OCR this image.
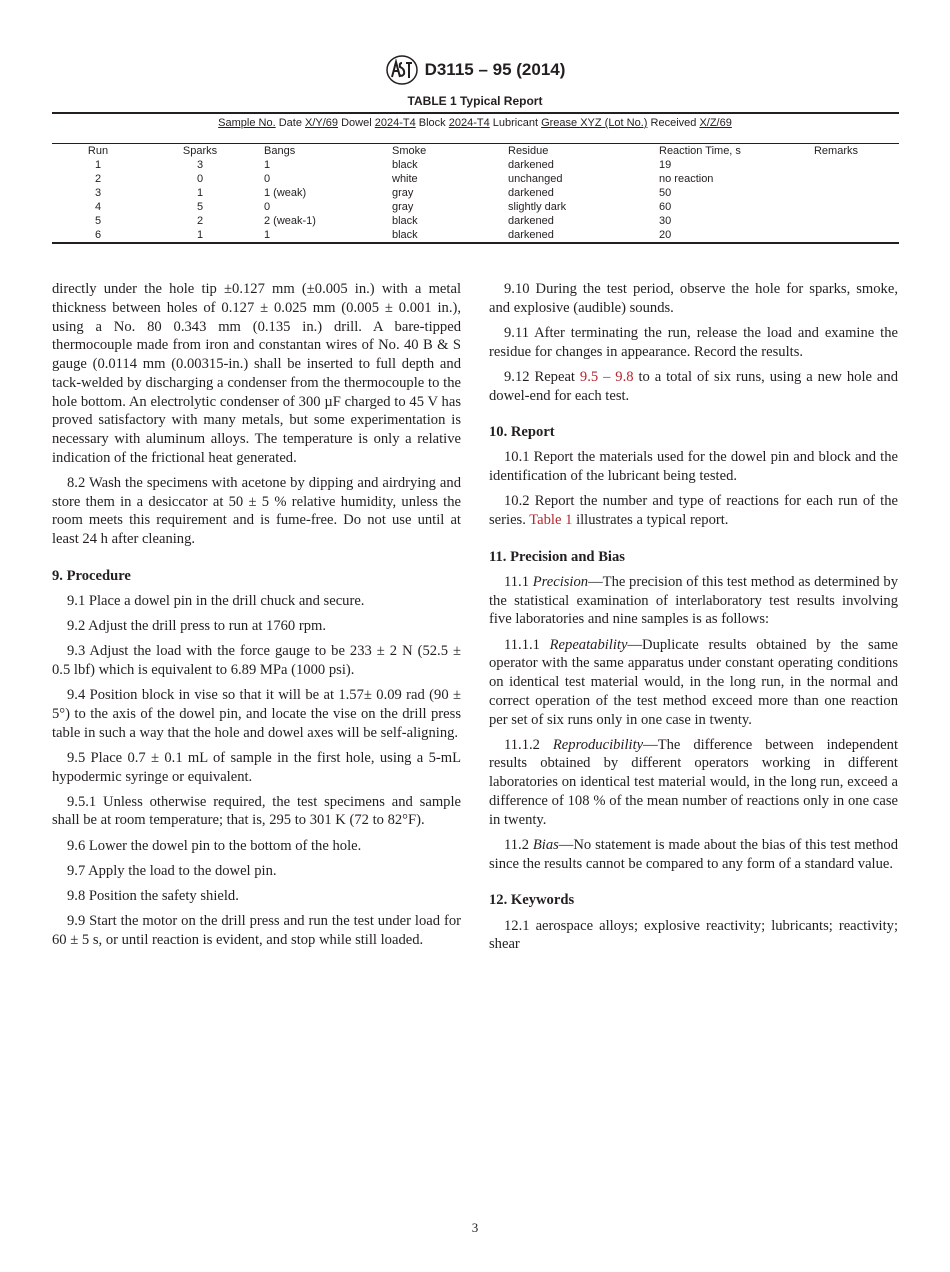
D3115 – 95 (2014)
TABLE 1 Typical Report
Sample No. Date X/Y/69 Dowel 2024-T4 Block 2024-T4 Lubricant Grease XYZ (Lot No.) Received X/Z/69
Run	Sparks	Bangs	Smoke	Residue	Reaction Time, s	Remarks
1	3	1	black	darkened	19
2	0	0	white	unchanged	no reaction
3	1	1 (weak)	gray	darkened	50
4	5	0	gray	slightly dark	60
5	2	2 (weak-1)	black	darkened	30
6	1	1	black	darkened	20

directly under the hole tip ±0.127 mm (±0.005 in.) with a metal thickness between holes of 0.127 ± 0.025 mm (0.005 ± 0.001 in.), using a No. 80 0.343 mm (0.135 in.) drill. A bare-tipped thermocouple made from iron and constantan wires of No. 40 B & S gauge (0.0114 mm (0.00315-in.) shall be inserted to full depth and tack-welded by discharging a condenser from the thermocouple to the hole bottom. An electrolytic condenser of 300 µF charged to 45 V has proved satisfactory with many metals, but some experimentation is necessary with aluminum alloys. The temperature is only a relative indication of the frictional heat generated.

8.2 Wash the specimens with acetone by dipping and airdrying and store them in a desiccator at 50 ± 5 % relative humidity, unless the room meets this requirement and is fume-free. Do not use until at least 24 h after cleaning.

9. Procedure

9.1 Place a dowel pin in the drill chuck and secure.

9.2 Adjust the drill press to run at 1760 rpm.

9.3 Adjust the load with the force gauge to be 233 ± 2 N (52.5 ± 0.5 lbf) which is equivalent to 6.89 MPa (1000 psi).

9.4 Position block in vise so that it will be at 1.57± 0.09 rad (90 ± 5°) to the axis of the dowel pin, and locate the vise on the drill press table in such a way that the hole and dowel axes will be self-aligning.

9.5 Place 0.7 ± 0.1 mL of sample in the first hole, using a 5-mL hypodermic syringe or equivalent.

9.5.1 Unless otherwise required, the test specimens and sample shall be at room temperature; that is, 295 to 301 K (72 to 82°F).

9.6 Lower the dowel pin to the bottom of the hole.

9.7 Apply the load to the dowel pin.

9.8 Position the safety shield.

9.9 Start the motor on the drill press and run the test under load for 60 ± 5 s, or until reaction is evident, and stop while still loaded.

9.10 During the test period, observe the hole for sparks, smoke, and explosive (audible) sounds.

9.11 After terminating the run, release the load and examine the residue for changes in appearance. Record the results.

9.12 Repeat 9.5 – 9.8 to a total of six runs, using a new hole and dowel-end for each test.

10. Report

10.1 Report the materials used for the dowel pin and block and the identification of the lubricant being tested.

10.2 Report the number and type of reactions for each run of the series. Table 1 illustrates a typical report.

11. Precision and Bias

11.1 Precision—The precision of this test method as determined by the statistical examination of interlaboratory test results involving five laboratories and nine samples is as follows:

11.1.1 Repeatability—Duplicate results obtained by the same operator with the same apparatus under constant operating conditions on identical test material would, in the long run, in the normal and correct operation of the test method exceed more than one reaction per set of six runs only in one case in twenty.

11.1.2 Reproducibility—The difference between independent results obtained by different operators working in different laboratories on identical test material would, in the long run, exceed a difference of 108 % of the mean number of reactions only in one case in twenty.

11.2 Bias—No statement is made about the bias of this test method since the results cannot be compared to any form of a standard value.

12. Keywords

12.1 aerospace alloys; explosive reactivity; lubricants; reactivity; shear

3
